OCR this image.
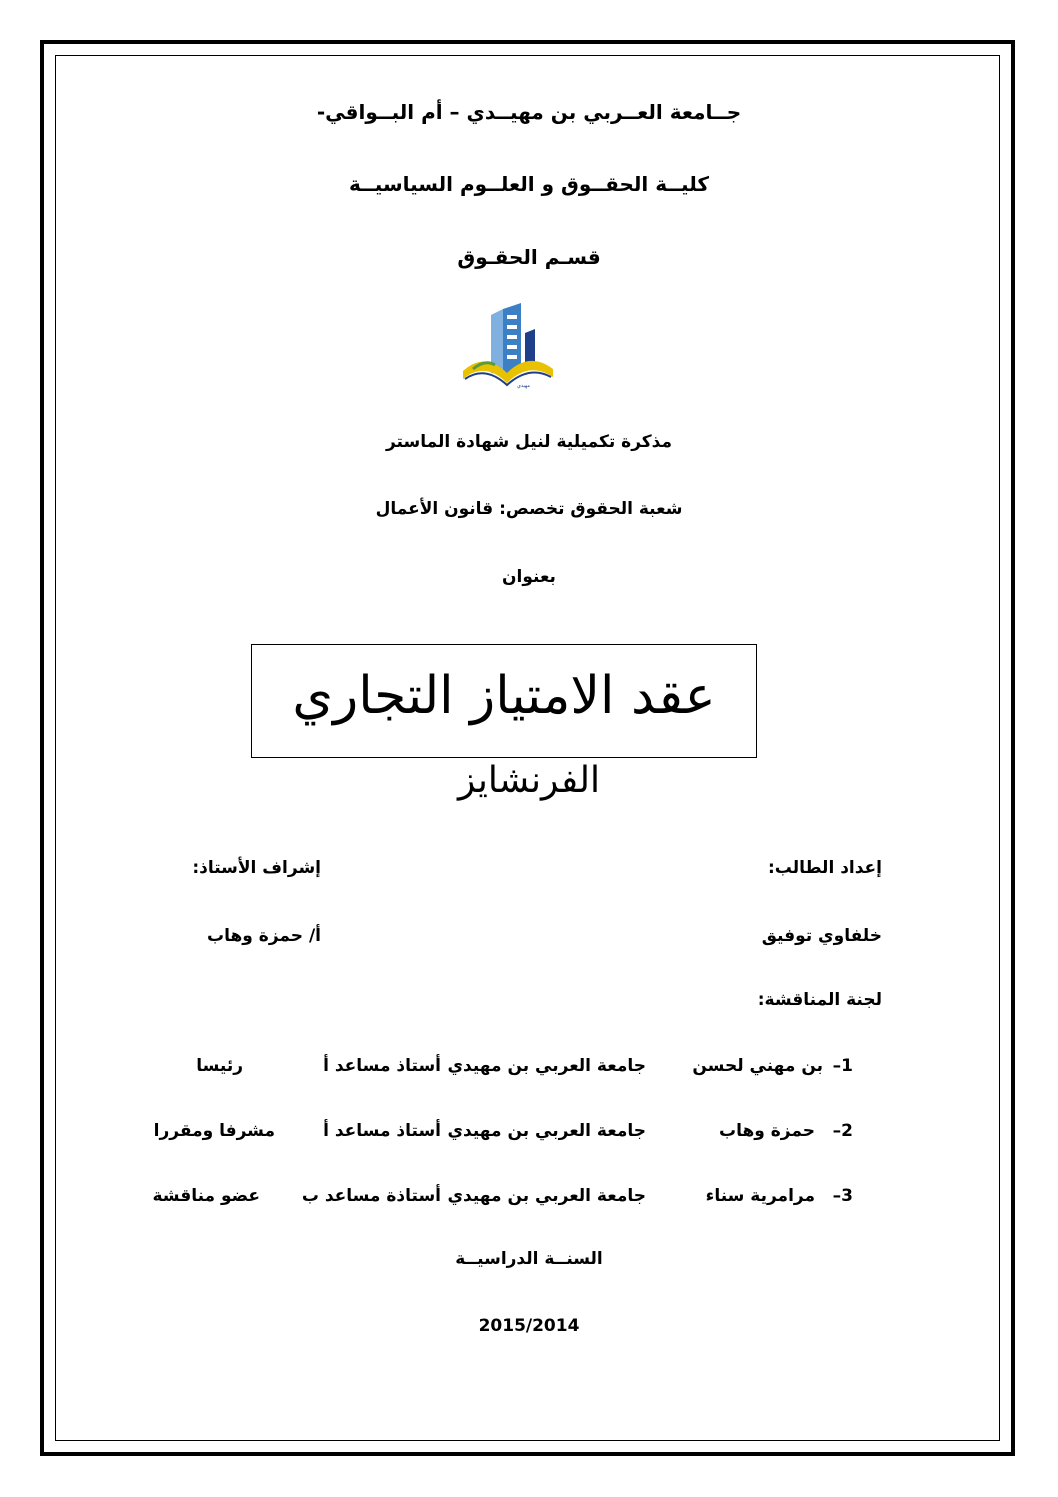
جــامعة العــربي بن مهيــدي – أم البــواقي-
كليــة الحقــوق و العلــوم السياسيــة
قسـم الحقـوق
ﻣﻬﻴﺪﻱ
مذكرة تكميلية لنيل شهادة الماستر
شعبة الحقوق تخصص: قانون الأعمال
بعنوان
عقد الامتياز التجاري
الفرنشايز
إعداد الطالب:
إشراف الأستاذ:
خلفاوي توفيق
أ/ حمزة وهاب
لجنة المناقشة:
1–
بن مهني لحسن
جامعة العربي بن مهيدي
أستاذ مساعد أ
رئيسا
2–
حمزة وهاب
جامعة العربي بن مهيدي
أستاذ مساعد أ
مشرفا ومقررا
3–
مرامرية سناء
جامعة العربي بن مهيدي
أستاذة مساعد ب
عضو مناقشة
السنــة الدراسيــة
2015/2014
